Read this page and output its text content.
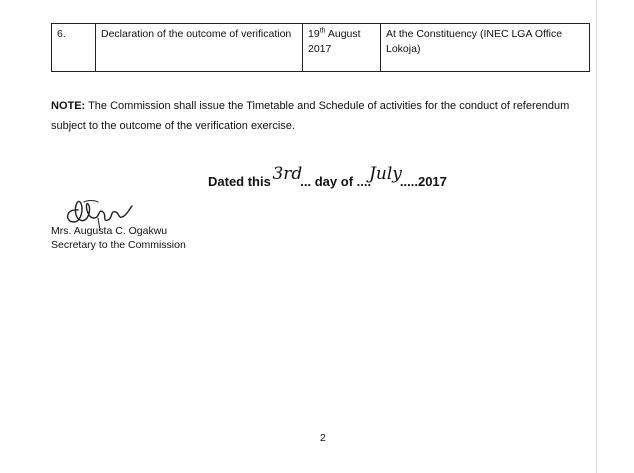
6.	Declaration of the outcome of verification	19th August 2017	At the Constituency (INEC LGA Office Lokoja)
NOTE: The Commission shall issue the Timetable and Schedule of activities for the conduct of referendum subject to the outcome of the verification exercise.
Dated this 3rd... day of ....July.....2017
Mrs. Augusta C. Ogakwu
Secretary to the Commission
2
